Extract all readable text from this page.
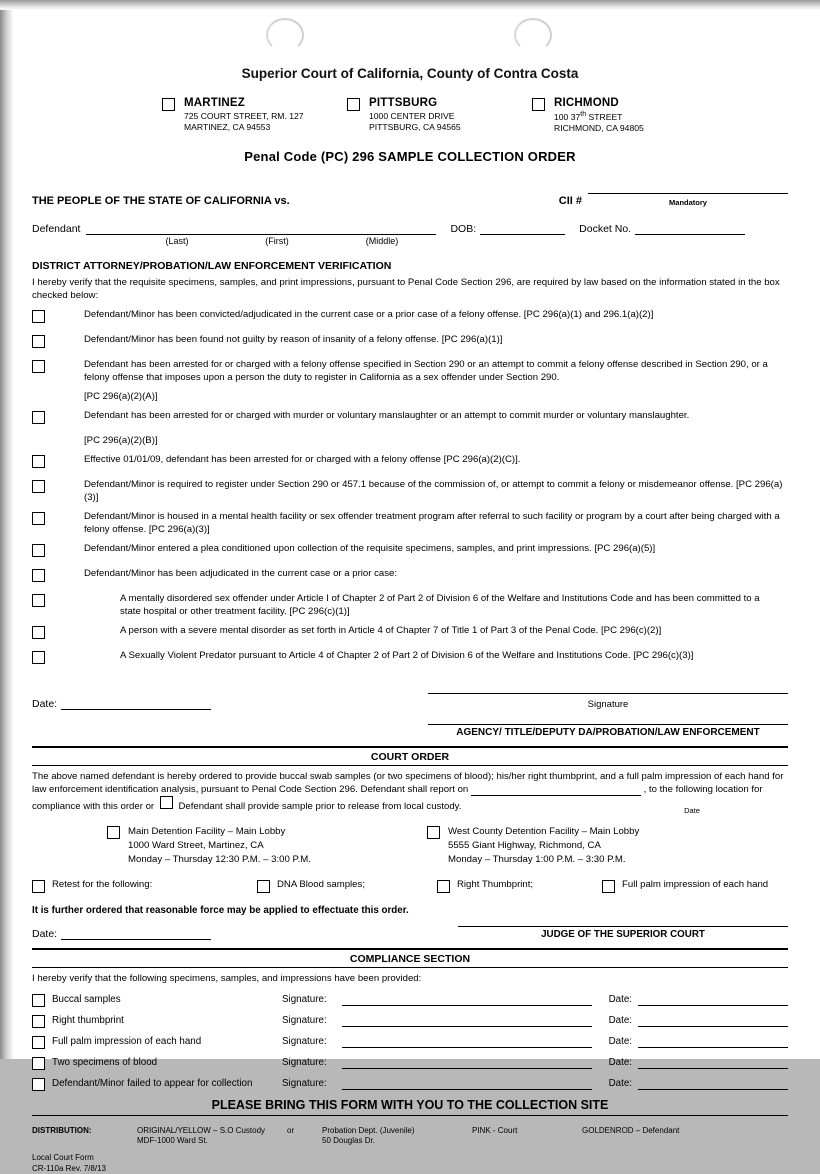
Superior Court of California, County of Contra Costa
MARTINEZ
725 COURT STREET, RM. 127
MARTINEZ, CA 94553
PITTSBURG
1000 CENTER DRIVE
PITTSBURG, CA 94565
RICHMOND
100 37th STREET
RICHMOND, CA 94805
Penal Code (PC) 296 SAMPLE COLLECTION ORDER
THE PEOPLE OF THE STATE OF CALIFORNIA vs.	CII #	Mandatory
Defendant	DOB:	Docket No.
(Last)	(First)	(Middle)
DISTRICT ATTORNEY/PROBATION/LAW ENFORCEMENT VERIFICATION
I hereby verify that the requisite specimens, samples, and print impressions, pursuant to Penal Code Section 296, are required by law based on the information stated in the box checked below:
Defendant/Minor has been convicted/adjudicated in the current case or a prior case of a felony offense. [PC 296(a)(1) and 296.1(a)(2)]
Defendant/Minor has been found not guilty by reason of insanity of a felony offense. [PC 296(a)(1)]
Defendant has been arrested for or charged with a felony offense specified in Section 290 or an attempt to commit a felony offense described in Section 290, or a felony offense that imposes upon a person the duty to register in California as a sex offender under Section 290.
[PC 296(a)(2)(A)]
Defendant has been arrested for or charged with murder or voluntary manslaughter or an attempt to commit murder or voluntary manslaughter.
[PC 296(a)(2)(B)]
Effective 01/01/09, defendant has been arrested for or charged with a felony offense [PC 296(a)(2)(C)].
Defendant/Minor is required to register under Section 290 or 457.1 because of the commission of, or attempt to commit a felony or misdemeanor offense. [PC 296(a)(3)]
Defendant/Minor is housed in a mental health facility or sex offender treatment program after referral to such facility or program by a court after being charged with a felony offense. [PC 296(a)(3)]
Defendant/Minor entered a plea conditioned upon collection of the requisite specimens, samples, and print impressions. [PC 296(a)(5)]
Defendant/Minor has been adjudicated in the current case or a prior case:
A mentally disordered sex offender under Article I of Chapter 2 of Part 2 of Division 6 of the Welfare and Institutions Code and has been committed to a state hospital or other treatment facility. [PC 296(c)(1)]
A person with a severe mental disorder as set forth in Article 4 of Chapter 7 of Title 1 of Part 3 of the Penal Code. [PC 296(c)(2)]
A Sexually Violent Predator pursuant to Article 4 of Chapter 2 of Part 2 of Division 6 of the Welfare and Institutions Code. [PC 296(c)(3)]
Date:	Signature
AGENCY/ TITLE/DEPUTY DA/PROBATION/LAW ENFORCEMENT
COURT ORDER
The above named defendant is hereby ordered to provide buccal swab samples (or two specimens of blood); his/her right thumbprint, and a full palm impression of each hand for law enforcement identification analysis, pursuant to Penal Code Section 296. Defendant shall report on	, to the following location for compliance with this order or	Defendant shall provide sample prior to release from local custody.	Date
Main Detention Facility – Main Lobby
1000 Ward Street, Martinez, CA
Monday – Thursday 12:30 P.M. – 3:00 P.M.
West County Detention Facility – Main Lobby
5555 Giant Highway, Richmond, CA
Monday – Thursday 1:00 P.M. – 3:30 P.M.
Retest for the following:	DNA Blood samples;	Right Thumbprint;	Full palm impression of each hand
It is further ordered that reasonable force may be applied to effectuate this order.
Date:	JUDGE OF THE SUPERIOR COURT
COMPLIANCE SECTION
I hereby verify that the following specimens, samples, and impressions have been provided:
Buccal samples	Signature:	Date:
Right thumbprint	Signature:	Date:
Full palm impression of each hand	Signature:	Date:
Two specimens of blood	Signature:	Date:
Defendant/Minor failed to appear for collection	Signature:	Date:
PLEASE BRING THIS FORM WITH YOU TO THE COLLECTION SITE
DISTRIBUTION:	ORIGINAL/YELLOW – S.O Custody
MDF-1000 Ward St.
or	Probation Dept. (Juvenile)
50 Douglas Dr.
PINK - Court	GOLDENROD – Defendant
Local Court Form
CR-110a Rev. 7/8/13
